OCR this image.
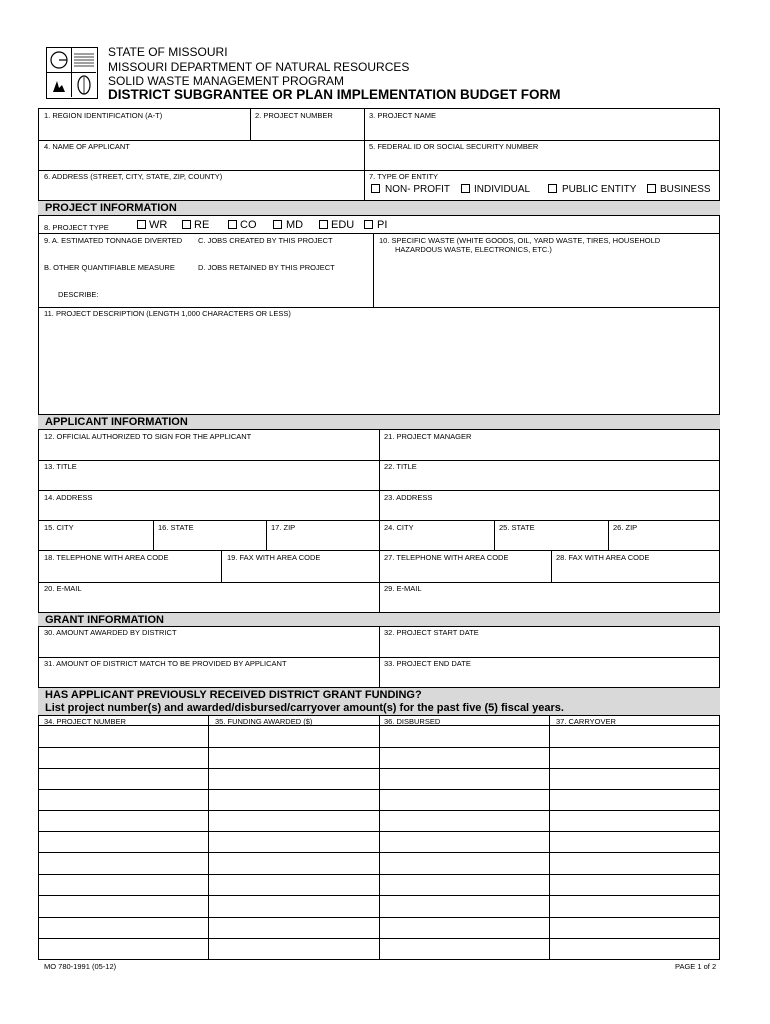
STATE OF MISSOURI
MISSOURI DEPARTMENT OF NATURAL RESOURCES
SOLID WASTE MANAGEMENT PROGRAM
DISTRICT SUBGRANTEE OR PLAN IMPLEMENTATION BUDGET FORM
1. REGION IDENTIFICATION (A-T)	2. PROJECT NUMBER	3. PROJECT NAME
4. NAME OF APPLICANT	5. FEDERAL ID OR SOCIAL SECURITY NUMBER
6. ADDRESS (STREET, CITY, STATE, ZIP, COUNTY)	7. TYPE OF ENTITY
NON- PROFIT INDIVIDUAL	PUBLIC ENTITY BUSINESS
PROJECT INFORMATION
8. PROJECT TYPE	WR RE	CO	MD	EDU PI
9. A. ESTIMATED TONNAGE DIVERTED C. JOBS CREATED BY THIS PROJECT	10. SPECIFIC WASTE (WHITE GOODS, OIL, YARD WASTE, TIRES, HOUSEHOLD
HAZARDOUS WASTE, ELECTRONICS, ETC.)
B. OTHER QUANTIFIABLE MEASURE	D. JOBS RETAINED BY THIS PROJECT
DESCRIBE:
11. PROJECT DESCRIPTION (LENGTH 1,000 CHARACTERS OR LESS)
APPLICANT INFORMATION
12. OFFICIAL AUTHORIZED TO SIGN FOR THE APPLICANT	21. PROJECT MANAGER
13. TITLE	22. TITLE
14. ADDRESS	23. ADDRESS
15. CITY	16. STATE	17. ZIP	24. CITY	25. STATE	26. ZIP
18. TELEPHONE WITH AREA CODE	19. FAX WITH AREA CODE	27. TELEPHONE WITH AREA CODE	28. FAX WITH AREA CODE
20. E-MAIL	29. E-MAIL
GRANT INFORMATION
30. AMOUNT AWARDED BY DISTRICT	32. PROJECT START DATE
31. AMOUNT OF DISTRICT MATCH TO BE PROVIDED BY APPLICANT	33. PROJECT END DATE
HAS APPLICANT PREVIOUSLY RECEIVED DISTRICT GRANT FUNDING?
List project number(s) and awarded/disbursed/carryover amount(s) for the past five (5) fiscal years.
34. PROJECT NUMBER	35. FUNDING AWARDED ($)	36. DISBURSED	37. CARRYOVER
MO 780-1991 (05-12)	PAGE 1 of 2
